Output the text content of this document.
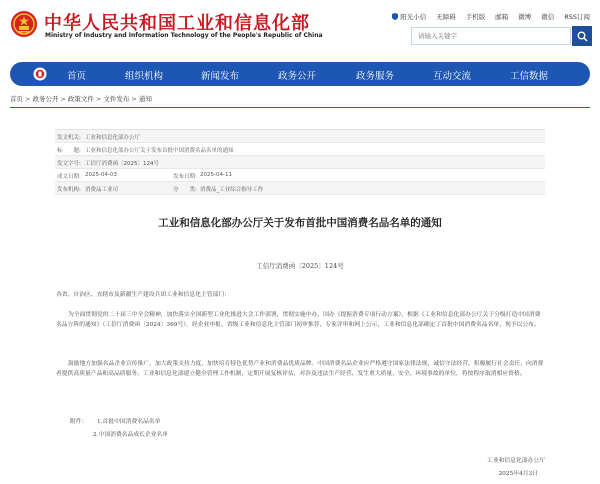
中华人民共和国工业和信息化部
Ministry of Industry and Information Technology of the People's Republic of China
阳光小信 无障碍 手机版 邮箱 微博 微信 RSS订阅
请输入关键字
首页	组织机构	新闻发布	政务公开	政务服务	互动交流	工信数据
首页 > 政务公开 > 政策文件 > 文件发布 > 通知
发文机关: 工业和信息化部办公厅
标　　题: 工业和信息化部办公厅关于发布首批中国消费名品名单的通知
发文字号: 工信厅消费函〔2025〕124号
成文日期: 2025-04-03	发布日期: 2025-04-11
发布机构: 消费品工业司	分　　类: 消费品_工业综合指导工作
工业和信息化部办公厅关于发布首批中国消费名品名单的通知
工信厅消费函〔2025〕124号
各省、自治区、直辖市及新疆生产建设兵团工业和信息化主管部门：
为全面贯彻党的二十届三中全会精神，加快落实全国新型工业化推进大会工作部署，贯彻实施中办、国办《提振消费专项行动方案》，根据《工业和信息化部办公厅关于分级打造中国消费名品方阵的通知》（工信厅消费函〔2024〕369号），经企业申报、省级工业和信息化主管部门初审推荐、专家评审和网上公示，工业和信息化部确定了首批中国消费名品名单，现予以公布。
鼓励地方加强名品企业宣传推广，加大政策支持力度，加快培育特色优势产业和消费品优质品牌。中国消费名品企业应严格遵守国家法律法规，诚信守法经营，积极履行社会责任，向消费者提供高质量产品和高品质服务。工业和信息化部建立健全管理工作机制，定期开展复核评估，对涉及违法生产经营、发生重大质量、安全、环境事故的单位，将按程序取消相应资格。
附件： 1.首批中国消费名品名单
2.中国消费名品成长企业名单
工业和信息化部办公厅
2025年4月3日
